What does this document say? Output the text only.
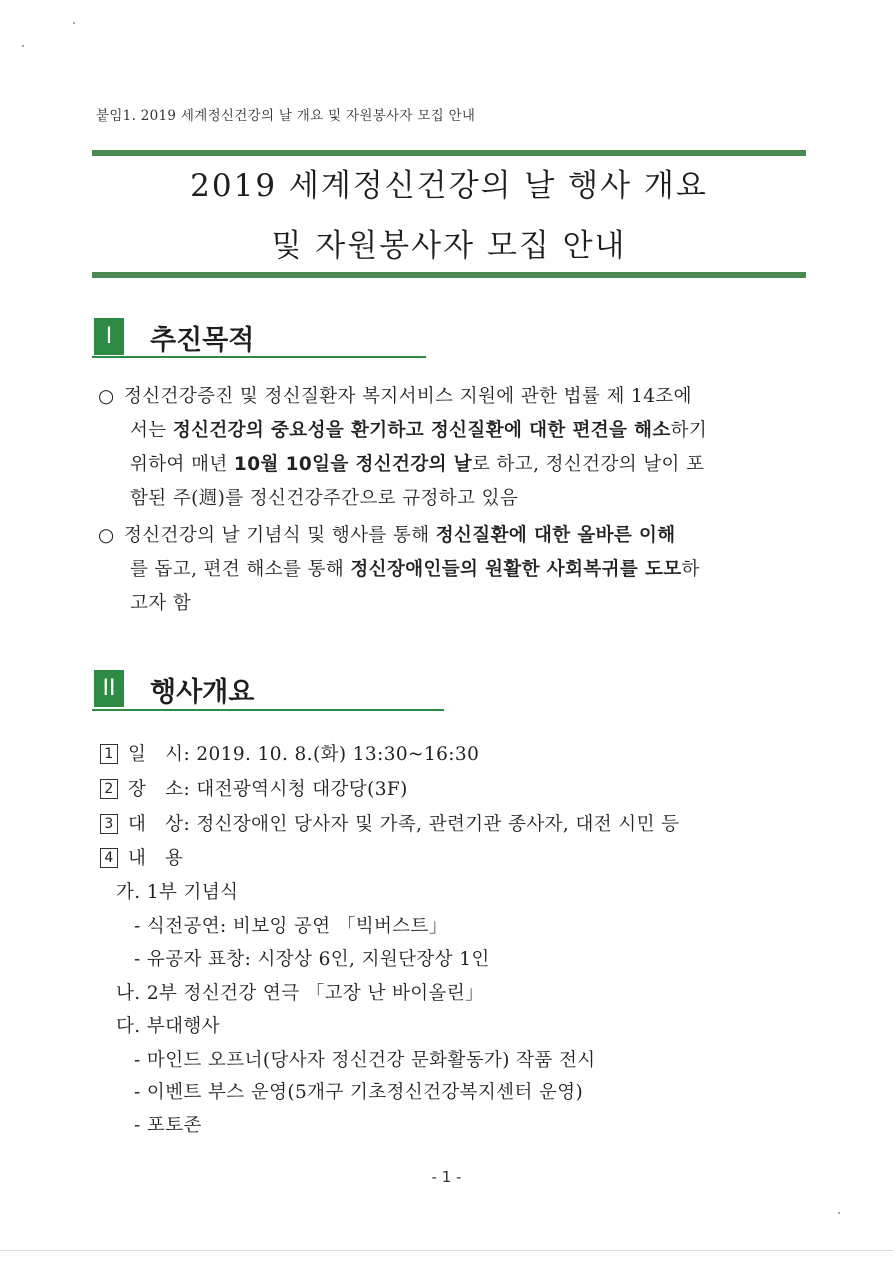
붙임1. 2019 세계정신건강의 날 개요 및 자원봉사자 모집 안내
2019 세계정신건강의 날 행사 개요
및 자원봉사자 모집 안내
I	추진목적
○ 정신건강증진 및 정신질환자 복지서비스 지원에 관한 법률 제 14조에
서는 정신건강의 중요성을 환기하고 정신질환에 대한 편견을 해소하기
위하여 매년 10월 10일을 정신건강의 날로 하고, 정신건강의 날이 포
함된 주(週)를 정신건강주간으로 규정하고 있음
○ 정신건강의 날 기념식 및 행사를 통해 정신질환에 대한 올바른 이해
를 돕고, 편견 해소를 통해 정신장애인들의 원활한 사회복귀를 도모하
고자 함
II	행사개요
1 일　시: 2019. 10. 8.(화) 13:30~16:30
2 장　소: 대전광역시청 대강당(3F)
3 대　상: 정신장애인 당사자 및 가족, 관련기관 종사자, 대전 시민 등
4 내　용
가. 1부 기념식
- 식전공연: 비보잉 공연 「빅버스트」
- 유공자 표창: 시장상 6인, 지원단장상 1인
나. 2부 정신건강 연극 「고장 난 바이올린」
다. 부대행사
- 마인드 오프너(당사자 정신건강 문화활동가) 작품 전시
- 이벤트 부스 운영(5개구 기초정신건강복지센터 운영)
- 포토존
- 1 -
